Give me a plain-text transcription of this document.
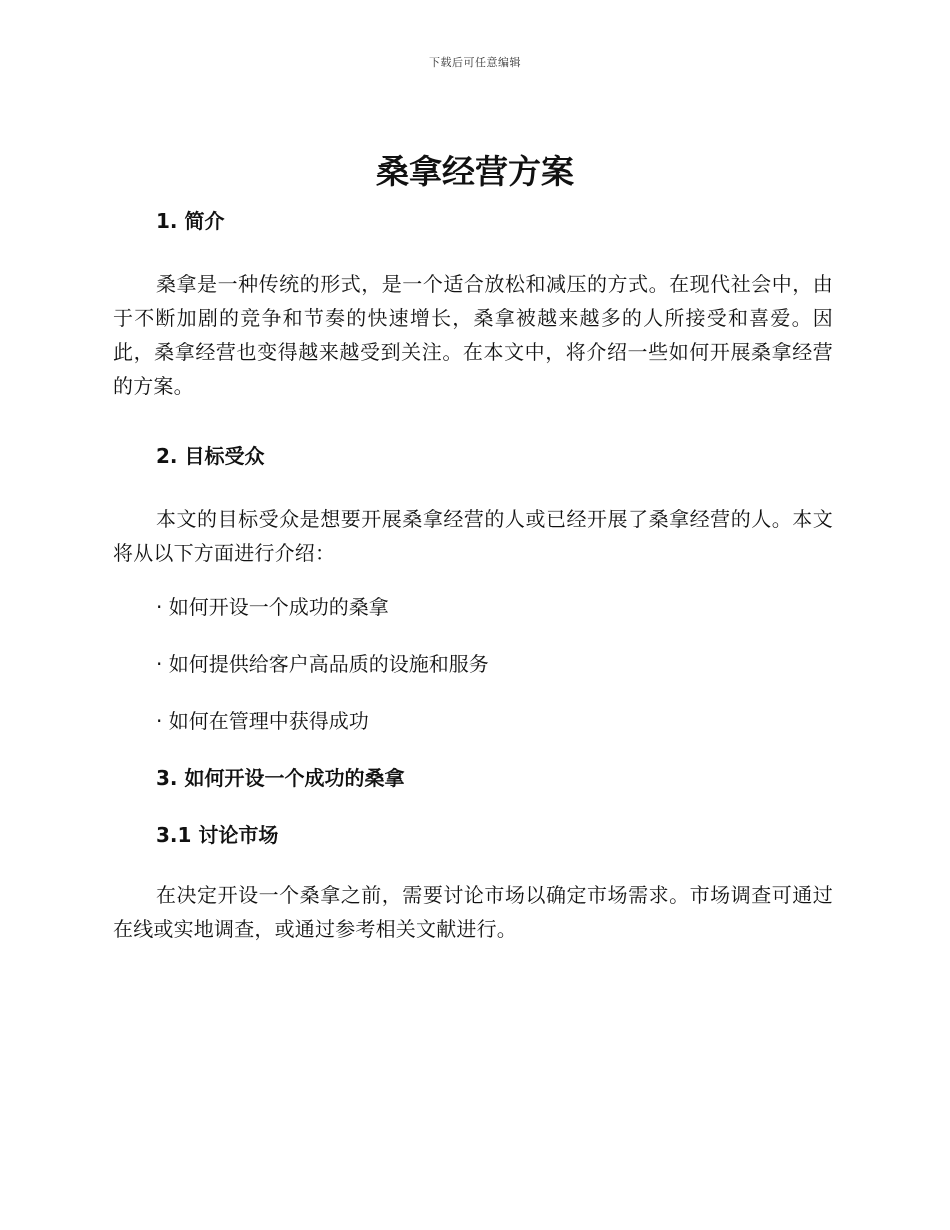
下载后可任意编辑
桑拿经营方案

1. 简介

桑拿是一种传统的形式，是一个适合放松和减压的方式。在现代社会中，由于不断加剧的竞争和节奏的快速增长，桑拿被越来越多的人所接受和喜爱。因此，桑拿经营也变得越来越受到关注。在本文中，将介绍一些如何开展桑拿经营的方案。

2. 目标受众

本文的目标受众是想要开展桑拿经营的人或已经开展了桑拿经营的人。本文将从以下方面进行介绍：

· 如何开设一个成功的桑拿

· 如何提供给客户高品质的设施和服务

· 如何在管理中获得成功

3. 如何开设一个成功的桑拿

3.1 讨论市场

在决定开设一个桑拿之前，需要讨论市场以确定市场需求。市场调查可通过在线或实地调查，或通过参考相关文献进行。
